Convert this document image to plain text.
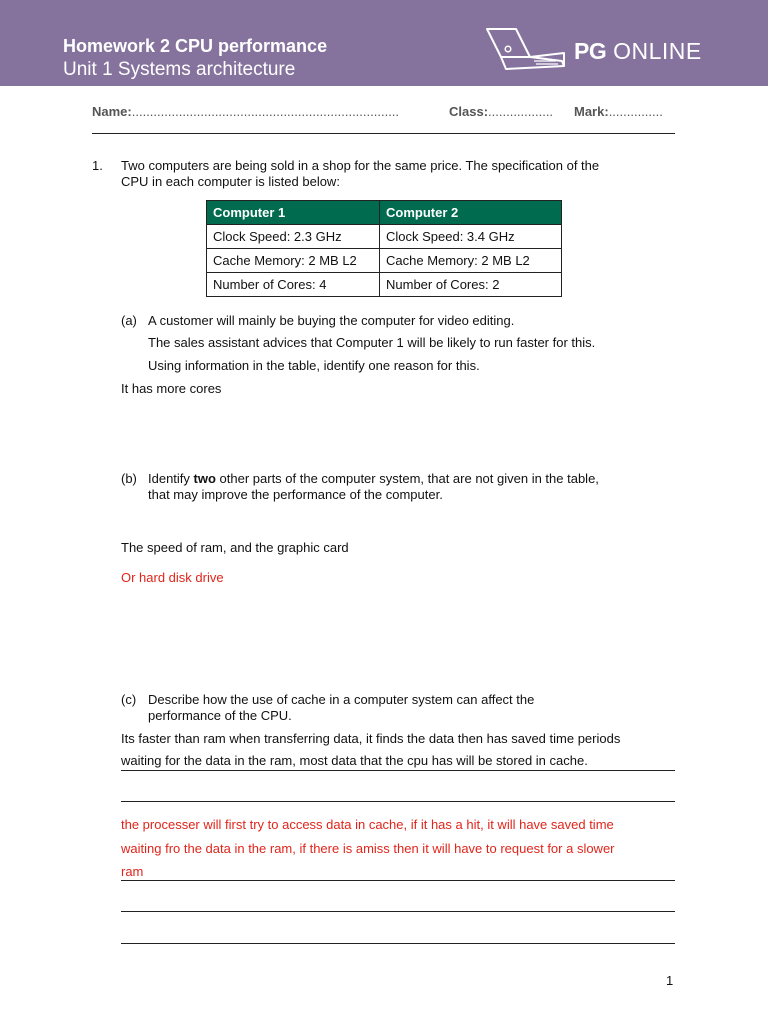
Homework 2 CPU performance
Unit 1 Systems architecture
PG ONLINE
Name:..........................................................................	Class:.................. Mark:...............
1. Two computers are being sold in a shop for the same price. The specification of the
CPU in each computer is listed below:
Computer 1	Computer 2
Clock Speed: 2.3 GHz	Clock Speed: 3.4 GHz
Cache Memory: 2 MB L2	Cache Memory: 2 MB L2
Number of Cores: 4	Number of Cores: 2
(a) A customer will mainly be buying the computer for video editing.
The sales assistant advices that Computer 1 will be likely to run faster for this.
Using information in the table, identify one reason for this.
It has more cores
(b) Identify two other parts of the computer system, that are not given in the table,
that may improve the performance of the computer.
The speed of ram, and the graphic card
Or hard disk drive
(c) Describe how the use of cache in a computer system can affect the
performance of the CPU.
Its faster than ram when transferring data, it finds the data then has saved time periods
waiting for the data in the ram, most data that the cpu has will be stored in cache.
the processer will first try to access data in cache, if it has a hit, it will have saved time
waiting fro the data in the ram, if there is amiss then it will have to request for a slower
ram
1
